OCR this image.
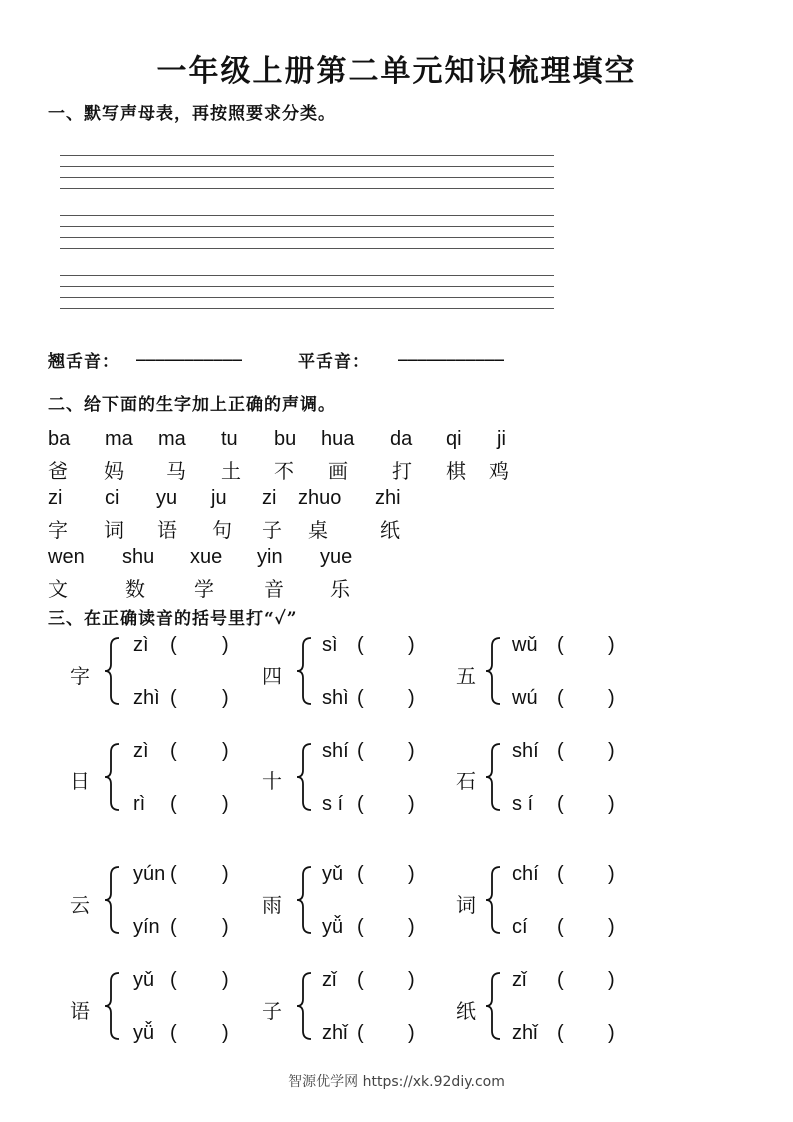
一年级上册第二单元知识梳理填空
一、默写声母表，再按照要求分类。
翘舌音：
___________
平舌音：
___________
二、给下面的生字加上正确的声调。
ba ma ma tu bu hua da qi ji
爸 妈 马 土 不 画 打 棋 鸡
zi ci yu ju zi zhuo zhi
字 词 语 句 子 桌	纸
wen shu xue yin yue
文	数 学	音 乐
三、在正确读音的括号里打“✓”
字
zì ( )
zhì ( )
四
sì ( )
shì ( )
五
wǔ ( )
wú ( )
日
zì ( )
rì ( )
十
shí ( )
s í ( )
石
shí ( )
s í ( )
云
yún ( )
yín ( )
雨
yǔ ( )
yǚ ( )
词
chí ( )
cí ( )
语
yǔ ( )
yǚ ( )
子
zǐ ( )
zhǐ ( )
纸
zǐ ( )
zhǐ ( )
智源优学网 https://xk.92diy.com
